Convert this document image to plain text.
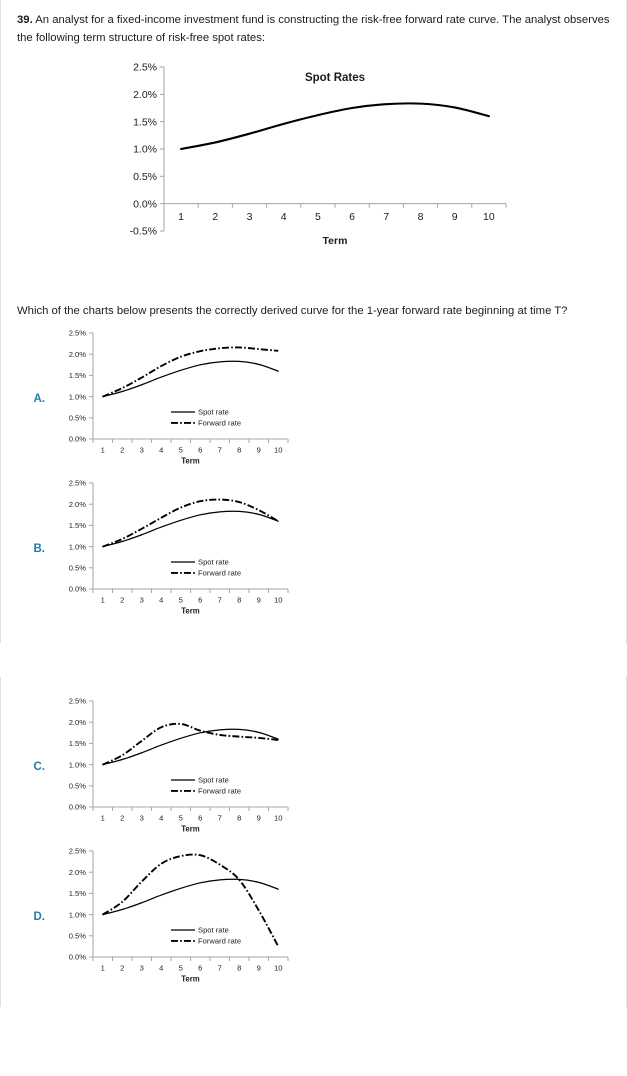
39. An analyst for a fixed-income investment fund is constructing the risk-free forward rate curve. The analyst observes the following term structure of risk-free spot rates:

Spot Rates
-0.5%
0.0%
0.5%
1.0%
1.5%
2.0%
2.5%
1	2	3	4	5	6	7	8	9 10
Term

Which of the charts below presents the correctly derived curve for the 1-year forward rate beginning at time T?

A.
0.0%
0.5%
1.0%
1.5%
2.0%
2.5%
1 2 3 4 5 6 7 8 9 10
Term
Spot rate
Forward rate
B.
0.0%
0.5%
1.0%
1.5%
2.0%
2.5%
1 2 3 4 5 6 7 8 9 10
Term
Spot rate
Forward rate
C.
0.0%
0.5%
1.0%
1.5%
2.0%
2.5%
1 2 3 4 5 6 7 8 9 10
Term
Spot rate
Forward rate
D.
0.0%
0.5%
1.0%
1.5%
2.0%
2.5%
1 2 3 4 5 6 7 8 9 10
Term
Spot rate
Forward rate
